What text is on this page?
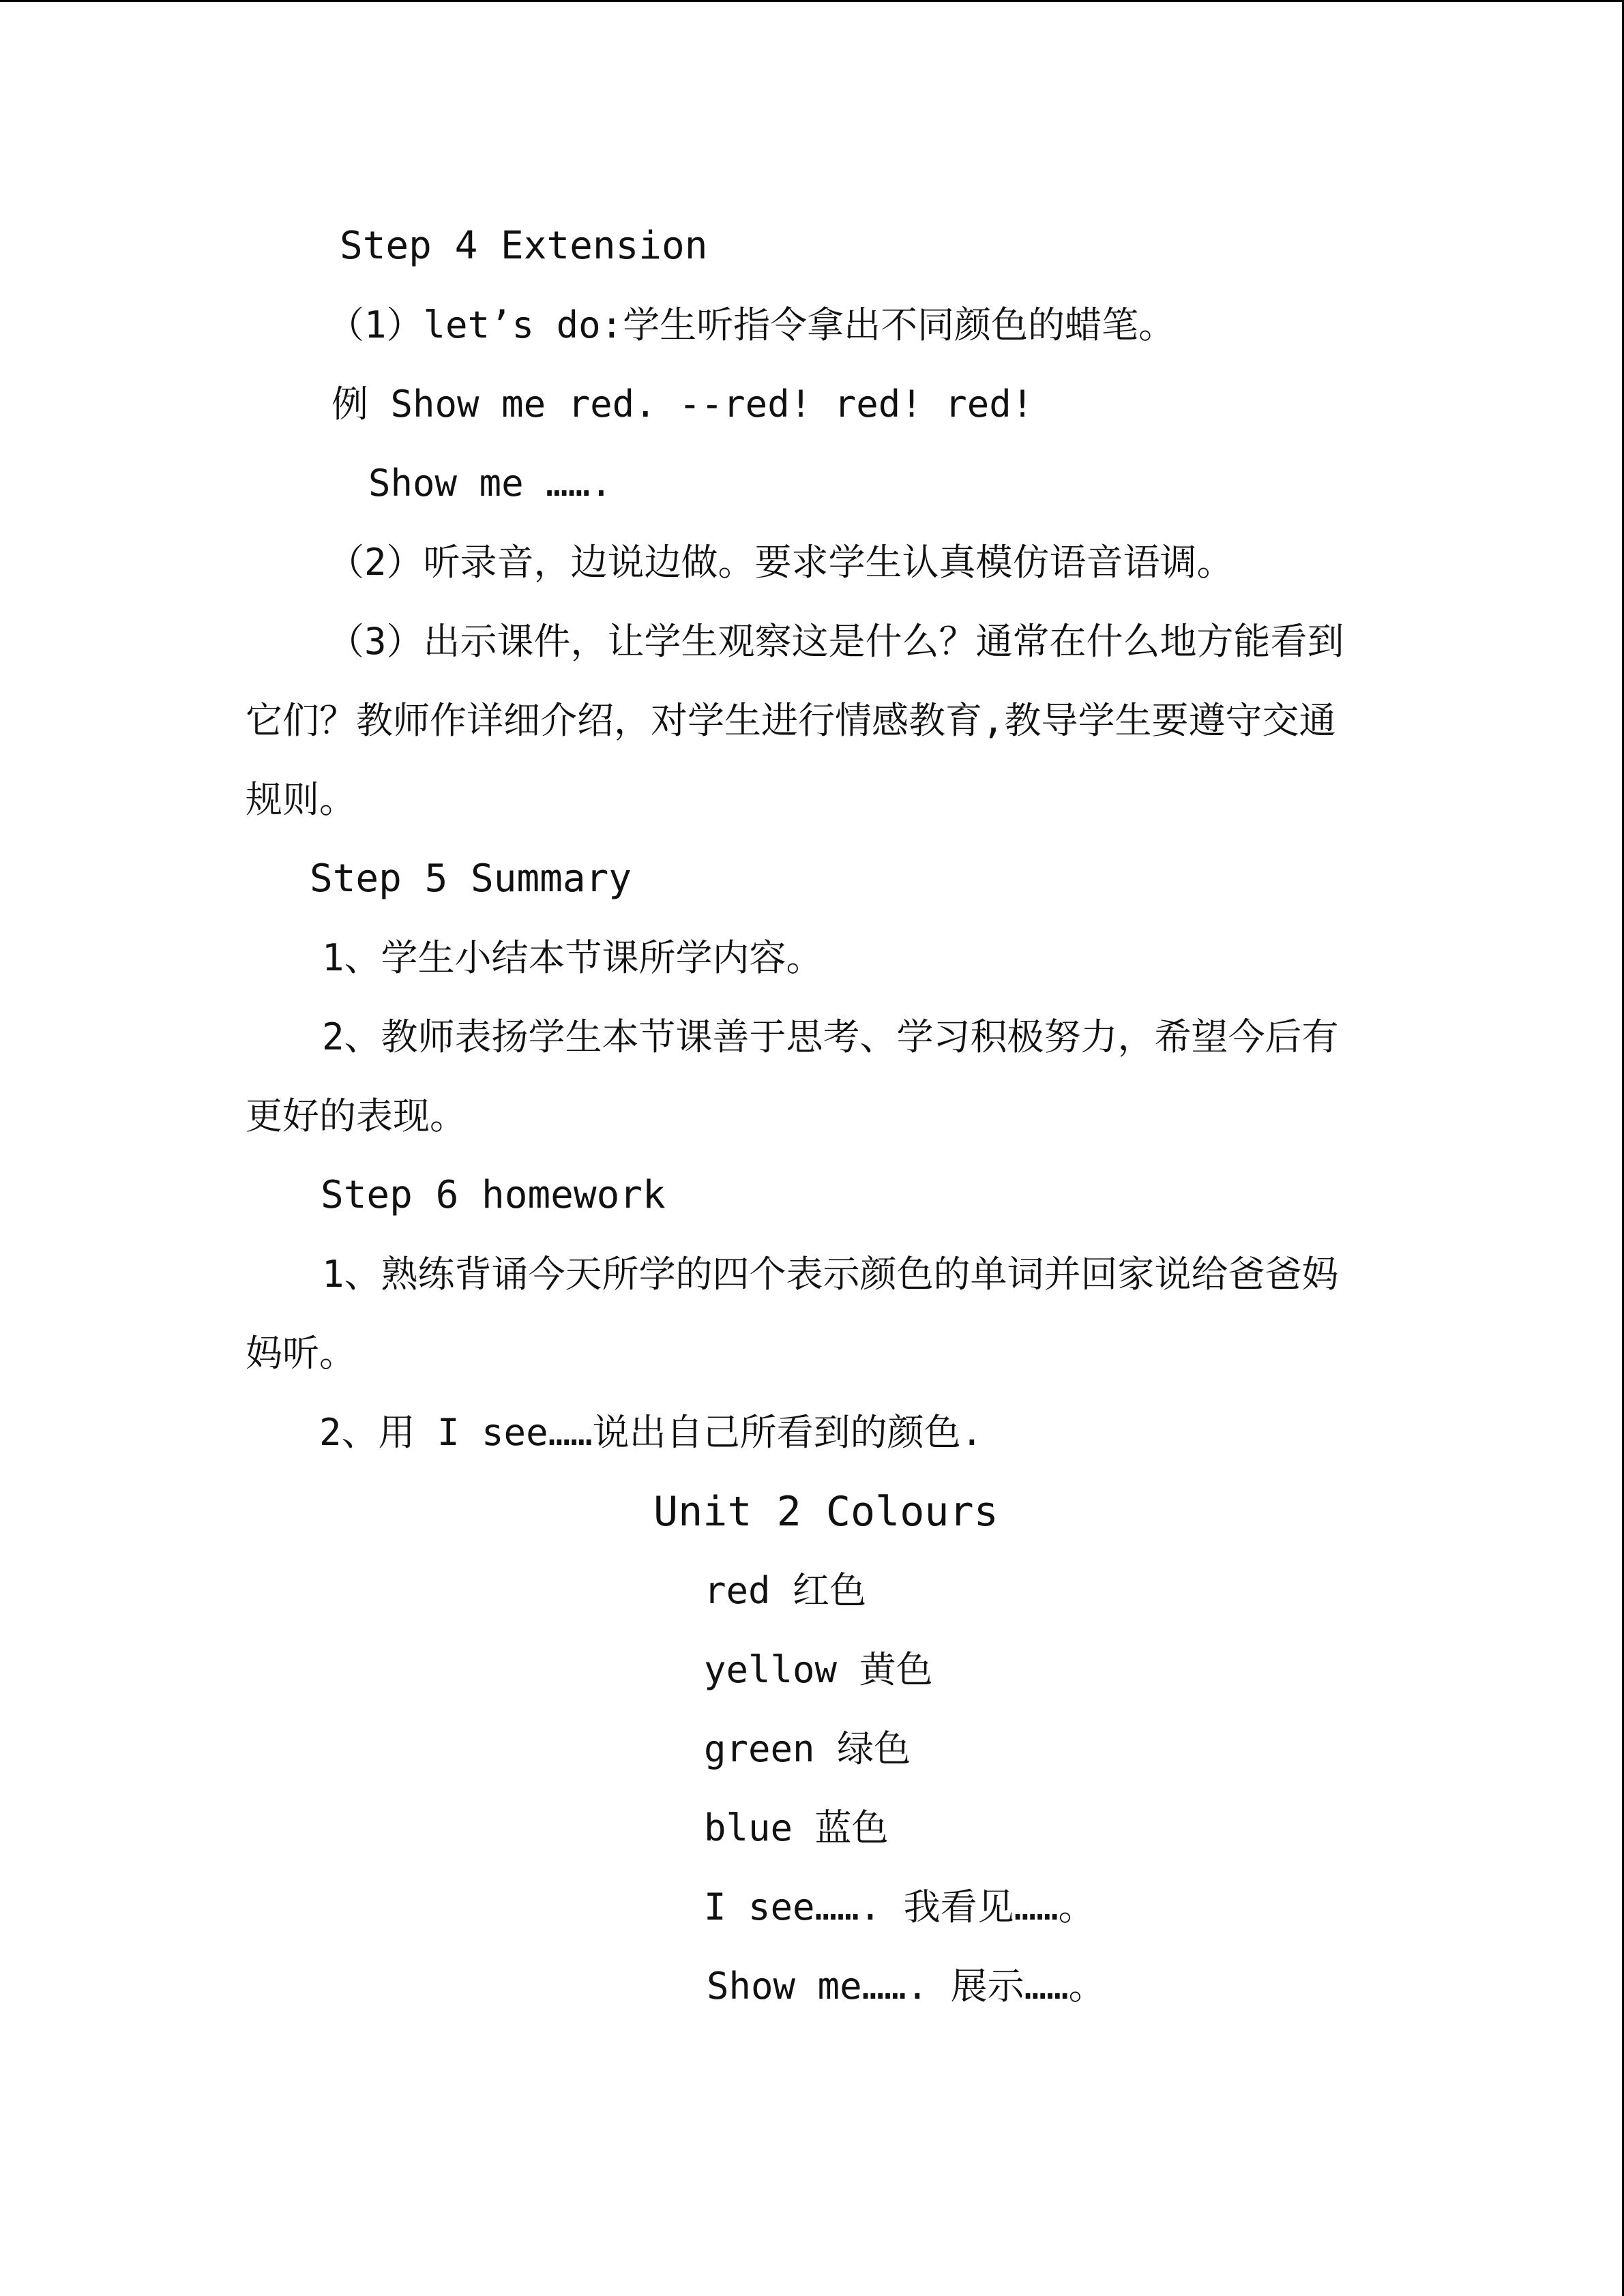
Step 4 Extension
（1）let’s do:学生听指令拿出不同颜色的蜡笔。
例 Show me red. --red! red! red!
Show me …….
（2）听录音，边说边做。要求学生认真模仿语音语调。
（3）出示课件，让学生观察这是什么？通常在什么地方能看到
它们？教师作详细介绍，对学生进行情感教育,教导学生要遵守交通
规则。
Step 5 Summary
1、学生小结本节课所学内容。
2、教师表扬学生本节课善于思考、学习积极努力，希望今后有
更好的表现。
Step 6 homework
1、熟练背诵今天所学的四个表示颜色的单词并回家说给爸爸妈
妈听。
2、用 I see……说出自己所看到的颜色.
Unit 2 Colours
red 红色
yellow 黄色
green 绿色
blue 蓝色
I see……. 我看见……。
Show me……. 展示……。
